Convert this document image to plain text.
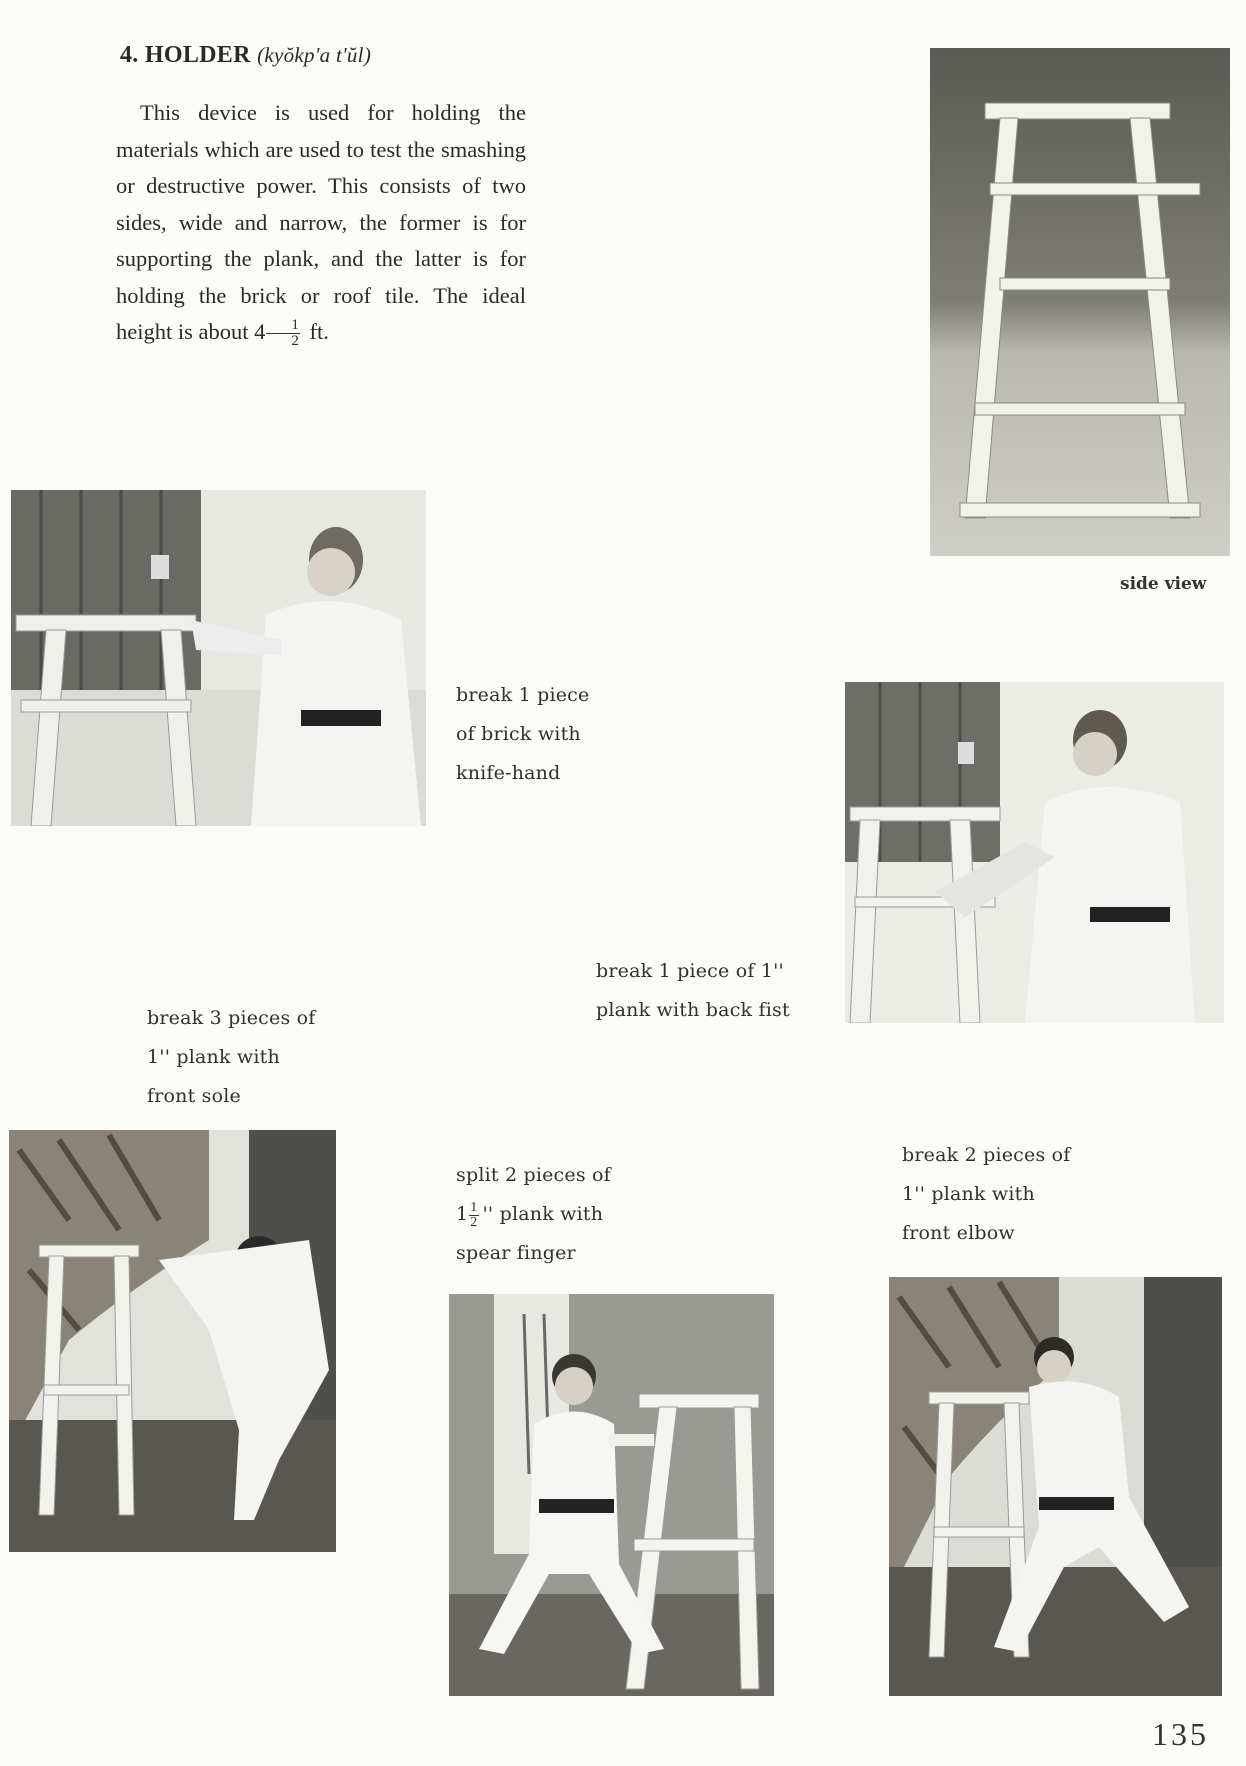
4. HOLDER (kyŏkp'a t'ŭl)

This device is used for holding the materials which are used to test the smashing or destructive power. This consists of two sides, wide and narrow, the former is for supporting the plank, and the latter is for holding the brick or roof tile. The ideal height is about $4 \frac{1}{2}$ ft.

side view
break 1 piece
of brick with
knife-hand
break 1 piece of 1''
plank with back fist
break 3 pieces of
1'' plank with
front sole
split 2 pieces of
$1 \frac{1}{2}$ '' plank with
spear finger
break 2 pieces of
1'' plank with
front elbow
135
